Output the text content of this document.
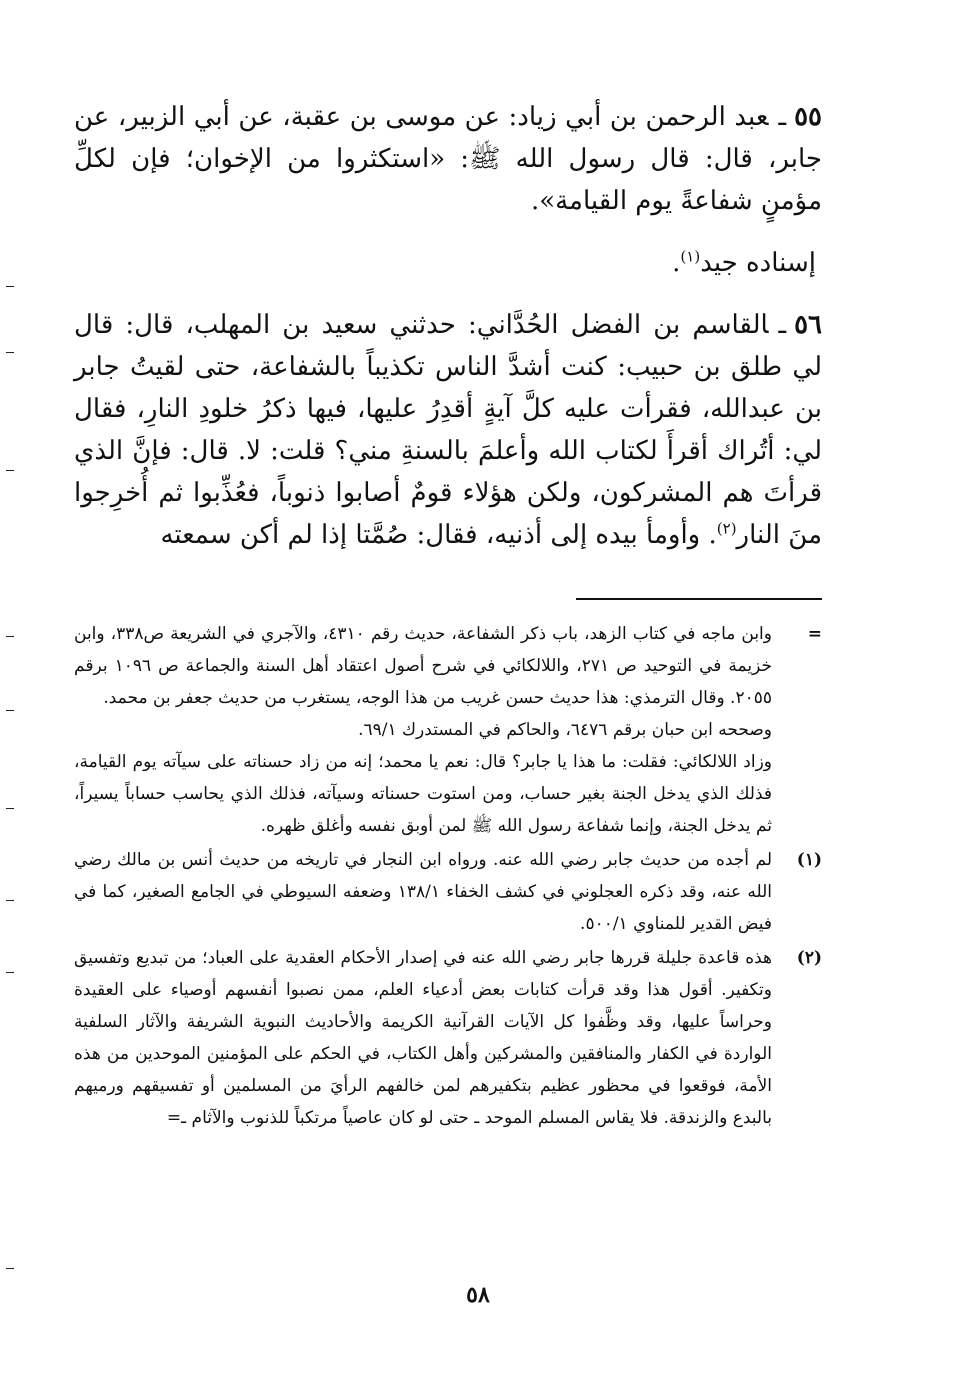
٥٥ـعبد الرحمن بن أبي زياد: عن موسى بن عقبة، عن أبي الزبير، عن جابر، قال: قال رسول الله ﷺ: «استكثروا من الإخوان؛ فإن لكلِّ مؤمنٍ شفاعةً يوم القيامة».

إسناده جيد$^{(١)}$.

٥٦ـالقاسم بن الفضل الحُدَّاني: حدثني سعيد بن المهلب، قال: قال لي طلق بن حبيب: كنت أشدَّ الناس تكذيباً بالشفاعة، حتى لقيتُ جابر بن عبدالله، فقرأت عليه كلَّ آيةٍ أقدِرُ عليها، فيها ذكرُ خلودِ النارِ، فقال لي: أتُراك أقرأَ لكتاب الله وأعلمَ بالسنةِ مني؟ قلت: لا. قال: فإنَّ الذي قرأتَ هم المشركون، ولكن هؤلاء قومٌ أصابوا ذنوباً، فعُذِّبوا ثم أُخرِجوا منَ النار$^{(٢)}$. وأومأ بيده إلى أذنيه، فقال: صُمَّتا إذا لم أكن سمعته

=

وابن ماجه في كتاب الزهد، باب ذكر الشفاعة، حديث رقم ٤٣١٠، والآجري في الشريعة ص٣٣٨، وابن خزيمة في التوحيد ص ٢٧١، واللالكائي في شرح أصول اعتقاد أهل السنة والجماعة ص ١٠٩٦ برقم ٢٠٥٥. وقال الترمذي: هذا حديث حسن غريب من هذا الوجه، يستغرب من حديث جعفر بن محمد.

وصححه ابن حبان برقم ٦٤٧٦، والحاكم في المستدرك ٦٩/١.

وزاد اللالكائي: فقلت: ما هذا يا جابر؟ قال: نعم يا محمد؛ إنه من زاد حسناته على سيآته يوم القيامة، فذلك الذي يدخل الجنة بغير حساب، ومن استوت حسناته وسيآته، فذلك الذي يحاسب حساباً يسيراً، ثم يدخل الجنة، وإنما شفاعة رسول الله ﷺ لمن أوبق نفسه وأغلق ظهره.

(١)

لم أجده من حديث جابر رضي الله عنه. ورواه ابن النجار في تاريخه من حديث أنس بن مالك رضي الله عنه، وقد ذكره العجلوني في كشف الخفاء ١٣٨/١ وضعفه السيوطي في الجامع الصغير، كما في فيض القدير للمناوي ٥٠٠/١.

(٢)

هذه قاعدة جليلة قررها جابر رضي الله عنه في إصدار الأحكام العقدية على العباد؛ من تبديع وتفسيق وتكفير. أقول هذا وقد قرأت كتابات بعض أدعياء العلم، ممن نصبوا أنفسهم أوصياء على العقيدة وحراساً عليها، وقد وظَّفوا كل الآيات القرآنية الكريمة والأحاديث النبوية الشريفة والآثار السلفية الواردة في الكفار والمنافقين والمشركين وأهل الكتاب، في الحكم على المؤمنين الموحدين من هذه الأمة، فوقعوا في محظور عظيم بتكفيرهم لمن خالفهم الرأيَ من المسلمين أو تفسيقهم ورميهم بالبدع والزندقة. فلا يقاس المسلم الموحد ـ حتى لو كان عاصياً مرتكباً للذنوب والآثام ـ=

٥٨
